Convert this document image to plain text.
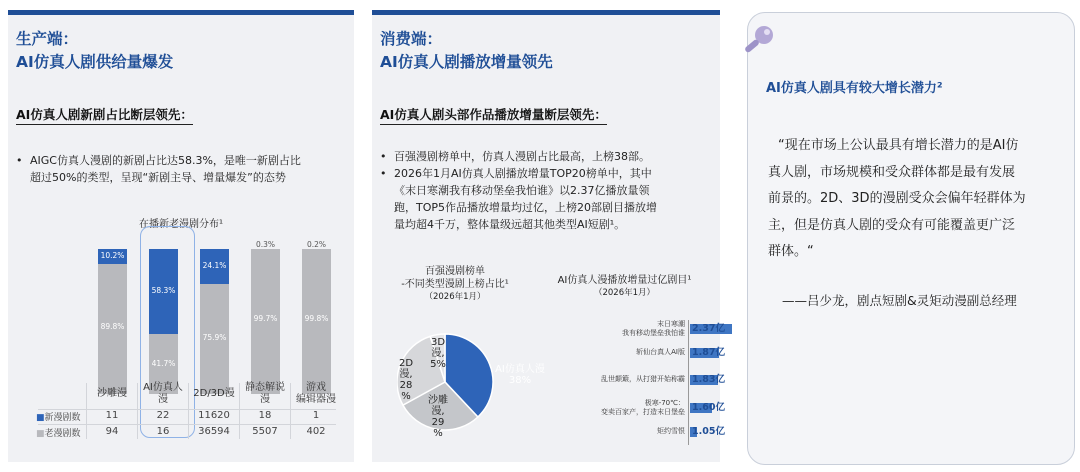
生产端：
AI仿真人剧供给量爆发
AI仿真人剧新剧占比断层领先：
• AIGC仿真人漫剧的新剧占比达58.3%，是唯一新剧占比
超过50%的类型，呈现“新剧主导、增量爆发”的态势
在播新老漫剧分布¹
10.2%
89.8%
58.3%
41.7%
24.1%
75.9%
0.3%
99.7%
0.2%
99.8%
沙雕漫
11
94
AI仿真人
漫
22
16
2D/3D漫
11620
36594
静态解说
漫
18
5507
游戏
编辑器漫
1
402
■新漫剧数
■老漫剧数
消费端：
AI仿真人剧播放增量领先
AI仿真人剧头部作品播放增量断层领先：
• 百强漫剧榜单中，仿真人漫剧占比最高，上榜38部。
• 2026年1月AI仿真人剧播放增量TOP20榜单中，其中
《末日寒潮我有移动堡垒我怕谁》以2.37亿播放量领
跑，TOP5作品播放增量均过亿，上榜20部剧目播放增
量均超4千万，整体量级远超其他类型AI短剧¹。
百强漫剧榜单
-不同类型漫剧上榜占比¹
（2026年1月）
AI仿真人漫播放增量过亿剧目¹
（2026年1月）
AI仿真人漫
38%
沙雕
漫,
29
%
2D
漫,
28
%
3D
漫,
5%
2.37亿
末日寒潮
我有移动堡垒我怕谁
1.87亿
斩仙台真人AI版
1.83亿
乱世颠簸，从打猎开始称霸
1.60亿
极寒-70℃：
变卖百家产，打造末日堡垒
1.05亿
矩约雪恨
AI仿真人剧具有较大增长潜力²
“现在市场上公认最具有增长潜力的是AI仿
真人剧，市场规模和受众群体都是最有发展
前景的。2D、3D的漫剧受众会偏年轻群体为
主，但是仿真人剧的受众有可能覆盖更广泛
群体。“
——吕少龙，剧点短剧&灵矩动漫副总经理
